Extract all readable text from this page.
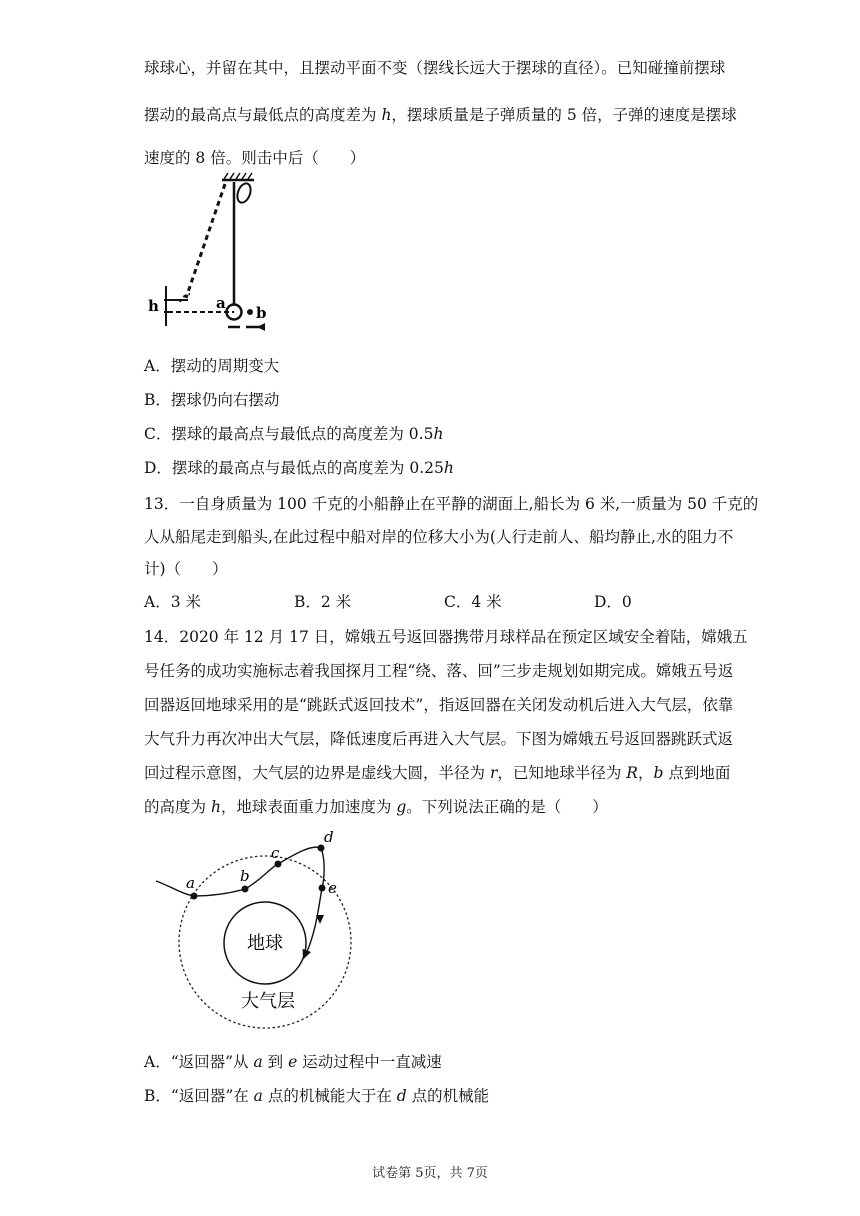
球球心，并留在其中，且摆动平面不变（摆线长远大于摆球的直径）。已知碰撞前摆球
摆动的最高点与最低点的高度差为 h，摆球质量是子弹质量的 5 倍，子弹的速度是摆球
速度的 8 倍。则击中后（　　）
a
b
h
A．摆动的周期变大
B．摆球仍向右摆动
C．摆球的最高点与最低点的高度差为 0.5h
D．摆球的最高点与最低点的高度差为 0.25h
13．一自身质量为 100 千克的小船静止在平静的湖面上,船长为 6 米,一质量为 50 千克的
人从船尾走到船头,在此过程中船对岸的位移大小为(人行走前人、船均静止,水的阻力不
计)（　　）
A．3 米	B．2 米	C．4 米	D．0
14．2020 年 12 月 17 日，嫦娥五号返回器携带月球样品在预定区域安全着陆，嫦娥五
号任务的成功实施标志着我国探月工程“绕、落、回”三步走规划如期完成。嫦娥五号返
回器返回地球采用的是“跳跃式返回技术”，指返回器在关闭发动机后进入大气层，依靠
大气升力再次冲出大气层，降低速度后再进入大气层。下图为嫦娥五号返回器跳跃式返
回过程示意图，大气层的边界是虚线大圆，半径为 r，已知地球半径为 R，b 点到地面
的高度为 h，地球表面重力加速度为 g。下列说法正确的是（　　）
地球
大气层
a	b
c
d
e
A．“返回器”从 a 到 e 运动过程中一直减速
B．“返回器”在 a 点的机械能大于在 d 点的机械能
试卷第 5页，共 7页
